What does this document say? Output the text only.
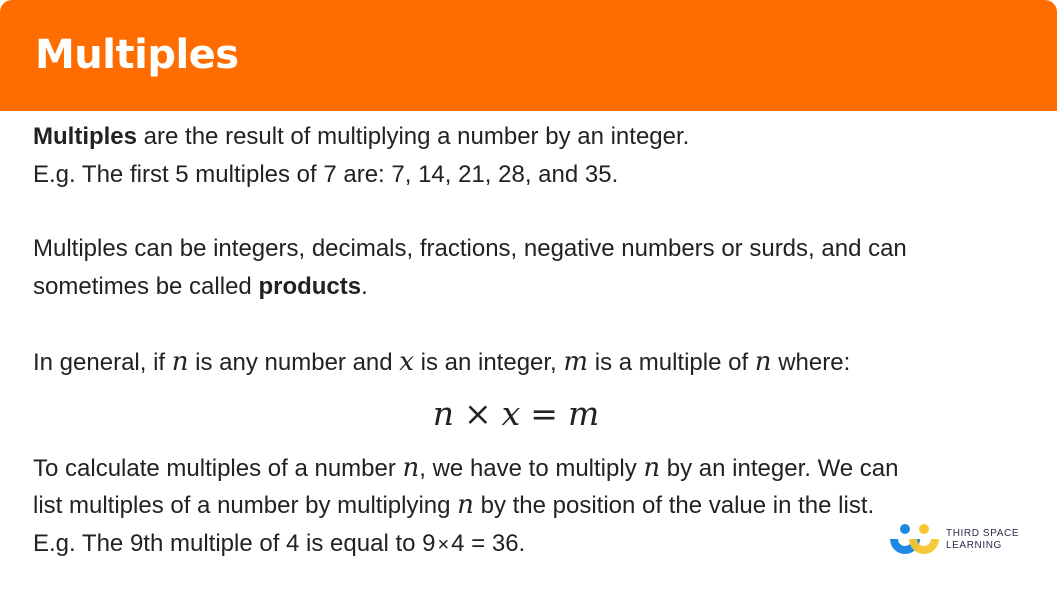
Multiples
Multiples are the result of multiplying a number by an integer.
E.g. The first 5 multiples of 7 are: 7, 14, 21, 28, and 35.
Multiples can be integers, decimals, fractions, negative numbers or surds, and can
sometimes be called products.
In general, if n is any number and x is an integer, m is a multiple of n where:
n × x = m
To calculate multiples of a number n, we have to multiply n by an integer. We can
list multiples of a number by multiplying n by the position of the value in the list.
E.g. The 9th multiple of 4 is equal to 9 ×4 = 36.	THIRD SPACE
LEARNING
